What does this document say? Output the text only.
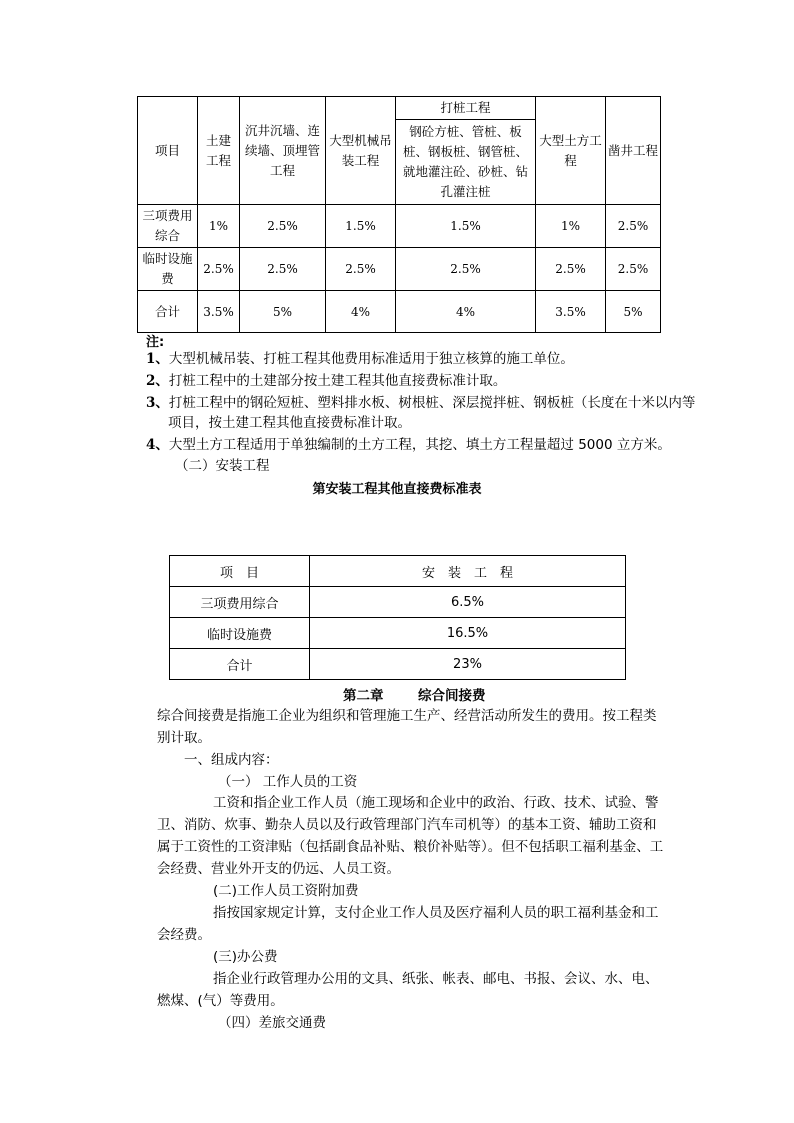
项目	土建工程	沉井沉墙、连续墙、顶埋管工程	大型机械吊装工程	打桩工程	大型土方工程	凿井工程
				钢砼方桩、管桩、板桩、钢板桩、钢管桩、就地灌注砼、砂桩、钻孔灌注桩		
三项费用综合	1%	2.5%	1.5%	1.5%	1%	2.5%
临时设施费	2.5%	2.5%	2.5%	2.5%	2.5%	2.5%
合计	3.5%	5%	4%	4%	3.5%	5%
注:
1、大型机械吊装、打桩工程其他费用标准适用于独立核算的施工单位。
2、打桩工程中的土建部分按土建工程其他直接费标准计取。
3、打桩工程中的钢砼短桩、塑料排水板、树根桩、深层搅拌桩、钢板桩（长度在十米以内等项目，按土建工程其他直接费标准计取。
4、大型土方工程适用于单独编制的土方工程，其挖、填土方工程量超过 5000 立方米。
（二）安装工程
第安装工程其他直接费标准表
项　目	安　装　工　程
三项费用综合	6.5%
临时设施费	16.5%
合计	23%
第二章	综合间接费
综合间接费是指施工企业为组织和管理施工生产、经营活动所发生的费用。按工程类
别计取。
一、组成内容：
（一） 工作人员的工资
工资和指企业工作人员（施工现场和企业中的政治、行政、技术、试验、警
卫、消防、炊事、勤杂人员以及行政管理部门汽车司机等）的基本工资、辅助工资和
属于工资性的工资津贴（包括副食品补贴、粮价补贴等）。但不包括职工福利基金、工
会经费、营业外开支的仍远、人员工资。
(二)工作人员工资附加费
指按国家规定计算，支付企业工作人员及医疗福利人员的职工福利基金和工
会经费。
(三)办公费
指企业行政管理办公用的文具、纸张、帐表、邮电、书报、会议、水、电、
燃煤、(气）等费用。
（四）差旅交通费
